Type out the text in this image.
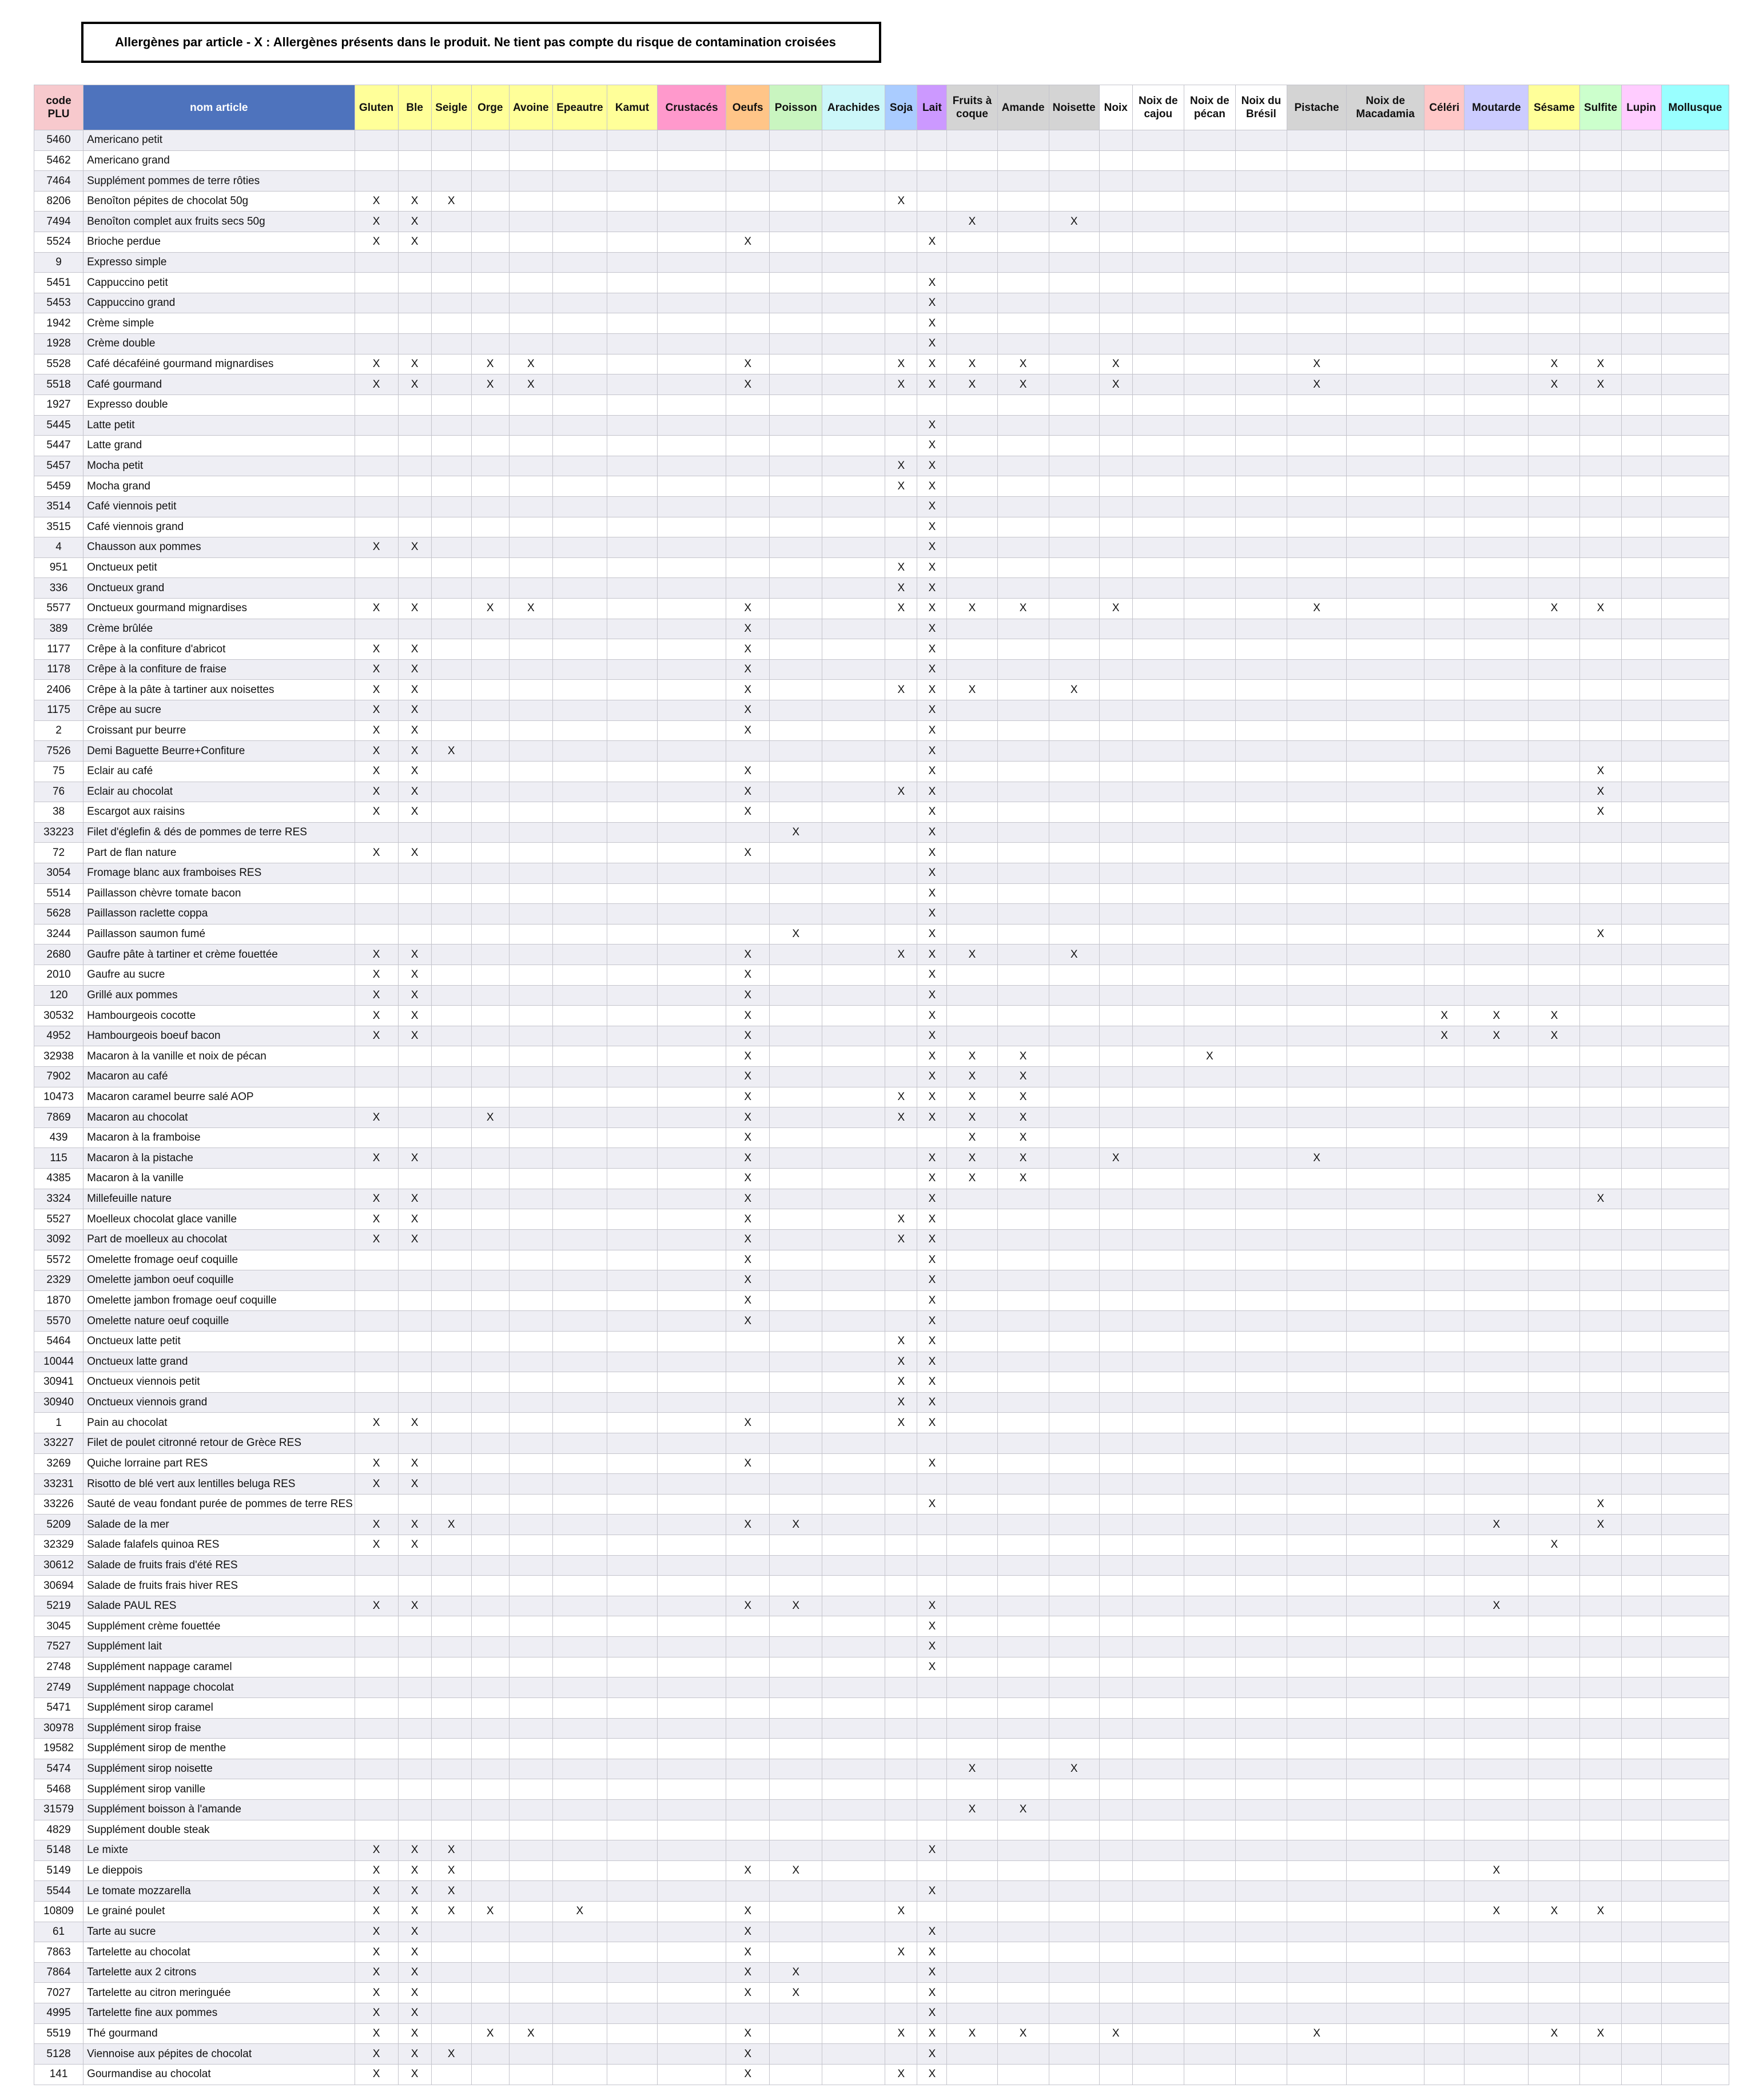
Allergènes par article - X : Allergènes présents dans le produit. Ne tient pas compte du risque de contamination croisées
code PLU	nom article	Gluten	Ble	Seigle	Orge	Avoine	Epeautre	Kamut	Crustacés	Oeufs	Poisson	Arachides	Soja	Lait	Fruits à coque	Amande	Noisette	Noix	Noix de cajou	Noix de pécan	Noix du Brésil	Pistache	Noix de Macadamia	Céléri	Moutarde	Sésame	Sulfite	Lupin	Mollusque
5460	Americano petit																												
5462	Americano grand																												
7464	Supplément pommes de terre rôties																												
8206	Benoîton pépites de chocolat 50g	X	X	X									X																
7494	Benoîton complet aux fruits secs 50g	X	X												X		X												
5524	Brioche perdue	X	X							X				X															
9	Expresso simple																												
5451	Cappuccino petit													X															
5453	Cappuccino grand													X															
1942	Crème simple													X															
1928	Crème double													X															
5528	Café décaféiné gourmand mignardises	X	X		X	X				X			X	X	X	X		X				X				X	X		
5518	Café gourmand	X	X		X	X				X			X	X	X	X		X				X				X	X		
1927	Expresso double																												
5445	Latte petit													X															
5447	Latte grand													X															
5457	Mocha petit												X	X															
5459	Mocha grand												X	X															
3514	Café viennois petit													X															
3515	Café viennois grand													X															
4	Chausson aux pommes	X	X											X															
951	Onctueux petit												X	X															
336	Onctueux grand												X	X															
5577	Onctueux gourmand mignardises	X	X		X	X				X			X	X	X	X		X				X				X	X		
389	Crème brûlée									X				X															
1177	Crêpe à la confiture d'abricot	X	X							X				X															
1178	Crêpe à la confiture de fraise	X	X							X				X															
2406	Crêpe à la pâte à tartiner aux noisettes	X	X							X			X	X	X		X												
1175	Crêpe au sucre	X	X							X				X															
2	Croissant pur beurre	X	X							X				X															
7526	Demi Baguette Beurre+Confiture	X	X	X										X															
75	Eclair au café	X	X							X				X													X		
76	Eclair au chocolat	X	X							X			X	X													X		
38	Escargot aux raisins	X	X							X				X													X		
33223	Filet d'églefin & dés de pommes de terre RES										X			X															
72	Part de flan nature	X	X							X				X															
3054	Fromage blanc aux framboises RES													X															
5514	Paillasson chèvre tomate bacon													X															
5628	Paillasson raclette coppa													X															
3244	Paillasson saumon fumé										X			X													X		
2680	Gaufre pâte à tartiner et crème fouettée	X	X							X			X	X	X		X												
2010	Gaufre au sucre	X	X							X				X															
120	Grillé aux pommes	X	X							X				X															
30532	Hambourgeois cocotte	X	X							X				X										X	X	X			
4952	Hambourgeois boeuf bacon	X	X							X				X										X	X	X			
32938	Macaron à la vanille et noix de pécan									X				X	X	X				X									
7902	Macaron au café									X				X	X	X													
10473	Macaron caramel beurre salé AOP									X			X	X	X	X													
7869	Macaron au chocolat	X			X					X			X	X	X	X													
439	Macaron à la framboise									X					X	X													
115	Macaron à la pistache	X	X							X				X	X	X		X				X							
4385	Macaron à la vanille									X				X	X	X													
3324	Millefeuille nature	X	X							X				X													X		
5527	Moelleux chocolat glace vanille	X	X							X			X	X															
3092	Part de moelleux au chocolat	X	X							X			X	X															
5572	Omelette fromage oeuf coquille									X				X															
2329	Omelette jambon oeuf coquille									X				X															
1870	Omelette jambon fromage oeuf coquille									X				X															
5570	Omelette nature oeuf coquille									X				X															
5464	Onctueux latte petit												X	X															
10044	Onctueux latte grand												X	X															
30941	Onctueux viennois petit												X	X															
30940	Onctueux viennois grand												X	X															
1	Pain au chocolat	X	X							X			X	X															
33227	Filet de poulet citronné retour de Grèce RES																												
3269	Quiche lorraine part RES	X	X							X				X															
33231	Risotto de blé vert aux lentilles beluga RES	X	X																										
33226	Sauté de veau fondant purée de pommes de terre RES													X													X		
5209	Salade de la mer	X	X	X						X	X														X		X		
32329	Salade falafels quinoa RES	X	X																							X			
30612	Salade de fruits frais d'été RES																												
30694	Salade de fruits frais hiver RES																												
5219	Salade PAUL RES	X	X							X	X			X											X				
3045	Supplément crème fouettée													X															
7527	Supplément lait													X															
2748	Supplément nappage caramel													X															
2749	Supplément nappage chocolat																												
5471	Supplément sirop caramel																												
30978	Supplément sirop fraise																												
19582	Supplément sirop de menthe																												
5474	Supplément sirop noisette														X		X												
5468	Supplément sirop vanille																												
31579	Supplément boisson à l'amande														X	X													
4829	Supplément double steak																												
5148	Le mixte	X	X	X										X															
5149	Le dieppois	X	X	X						X	X														X				
5544	Le tomate mozzarella	X	X	X										X															
10809	Le grainé poulet	X	X	X	X		X			X			X												X	X	X		
61	Tarte au sucre	X	X							X				X															
7863	Tartelette au chocolat	X	X							X			X	X															
7864	Tartelette aux 2 citrons	X	X							X	X			X															
7027	Tartelette au citron meringuée	X	X							X	X			X															
4995	Tartelette fine aux pommes	X	X											X															
5519	Thé gourmand	X	X		X	X				X			X	X	X	X		X				X				X	X		
5128	Viennoise aux pépites de chocolat	X	X	X						X				X															
141	Gourmandise au chocolat	X	X							X			X	X															
